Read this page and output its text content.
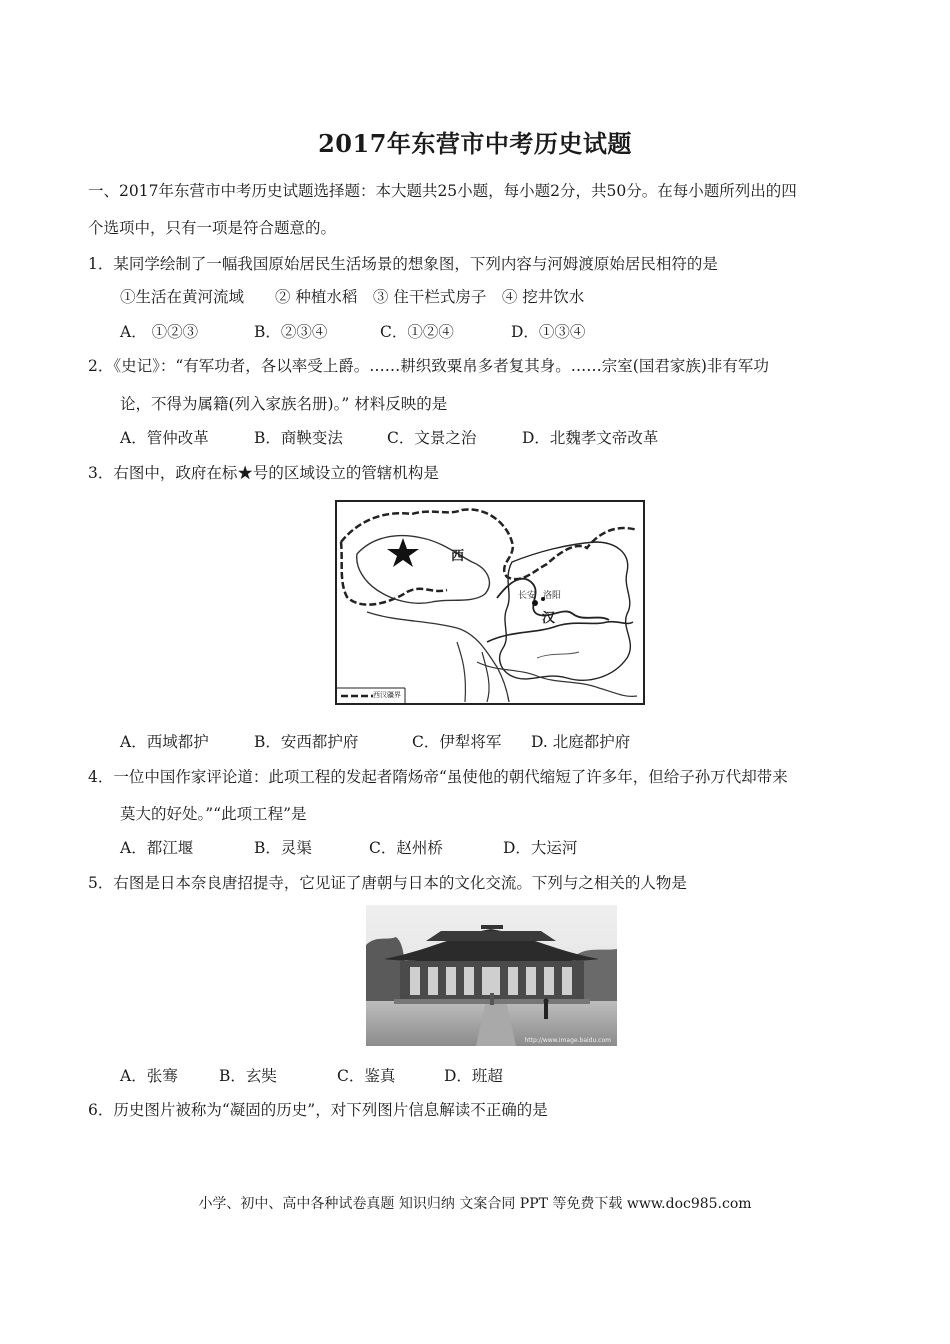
2017年东营市中考历史试题
一、2017年东营市中考历史试题选择题：本大题共25小题，每小题2分，共50分。在每小题所列出的四
个选项中，只有一项是符合题意的。
1．某同学绘制了一幅我国原始居民生活场景的想象图，下列内容与河姆渡原始居民相符的是
①生活在黄河流域　　② 种植水稻　③ 住干栏式房子　④ 挖井饮水
A． ①②③	B．②③④	C．①②④	D．①③④
2．《史记》：“有军功者，各以率受上爵。……耕织致粟帛多者复其身。……宗室(国君家族)非有军功
论，不得为属籍(列入家族名册)。” 材料反映的是
A．管仲改革	B．商鞅变法	C．文景之治	D．北魏孝文帝改革
3．右图中，政府在标★号的区域设立的管辖机构是
西
长安 洛阳
汉
西汉疆界
A．西域都护	B．安西都护府	C．伊犁将军 D. 北庭都护府
4．一位中国作家评论道：此项工程的发起者隋炀帝“虽使他的朝代缩短了许多年，但给子孙万代却带来
莫大的好处。”“此项工程”是
A．都江堰	B．灵渠	C．赵州桥	D．大运河
5．右图是日本奈良唐招提寺，它见证了唐朝与日本的文化交流。下列与之相关的人物是
http://www.image.baidu.com
A．张骞	B．玄奘	C．鉴真	D．班超
6．历史图片被称为“凝固的历史”，对下列图片信息解读不正确的是
小学、初中、高中各种试卷真题 知识归纳 文案合同 PPT 等免费下载 www.doc985.com
